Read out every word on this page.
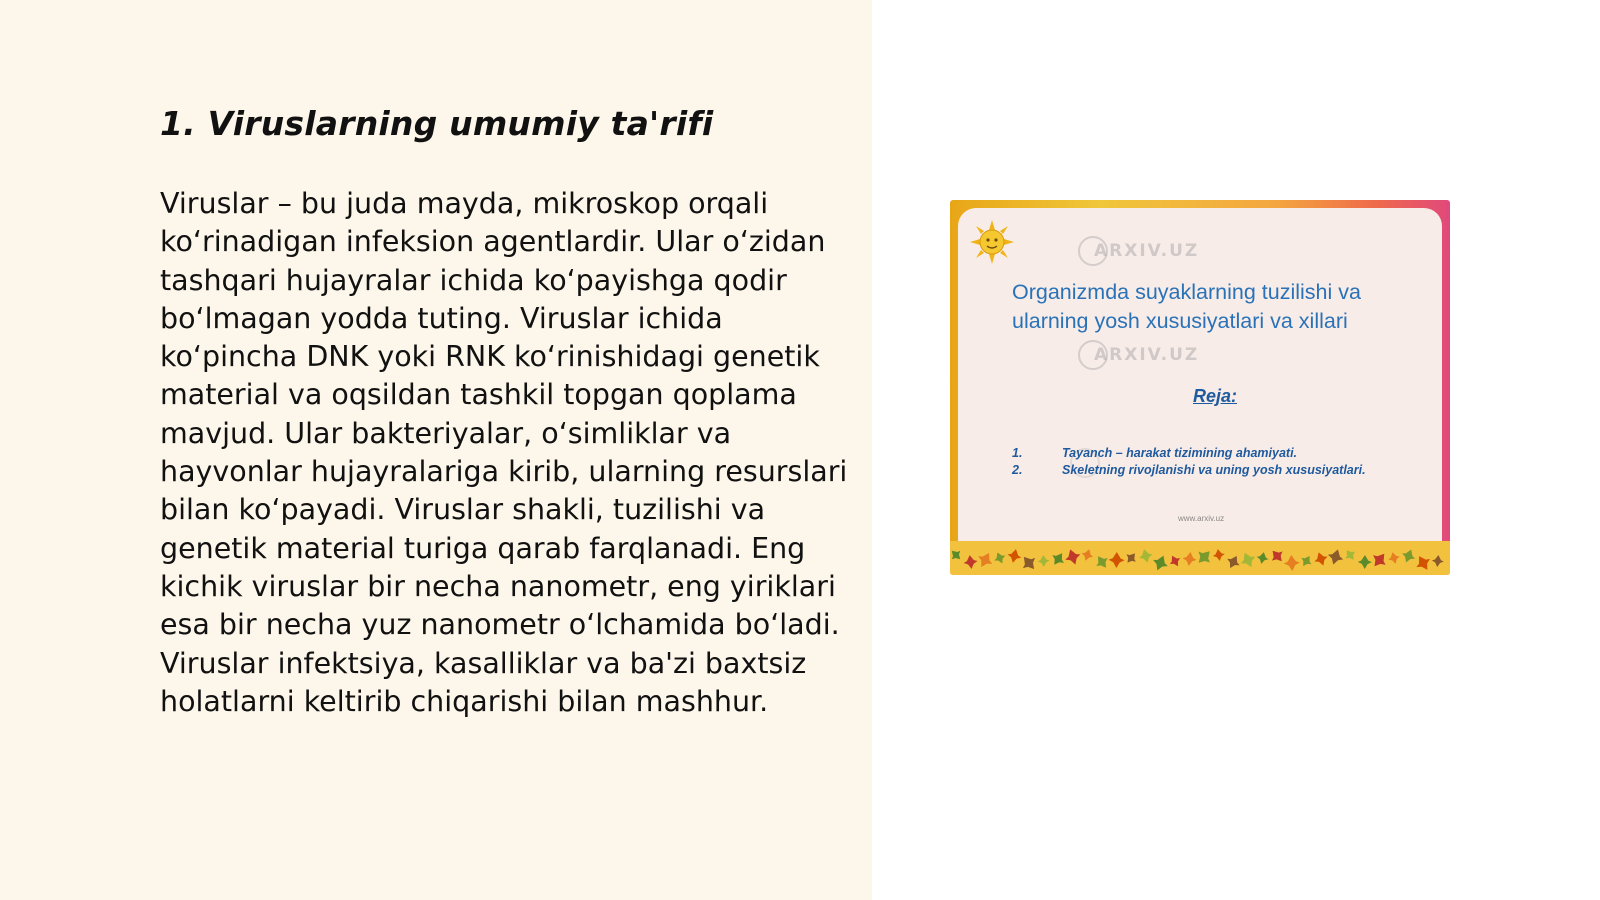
1. Viruslarning umumiy ta'rifi

Viruslar – bu juda mayda, mikroskop orqali ko‘rinadigan infeksion agentlardir. Ular o‘zidan tashqari hujayralar ichida ko‘payishga qodir bo‘lmagan yodda tuting. Viruslar ichida ko‘pincha DNK yoki RNK ko‘rinishidagi genetik material va oqsildan tashkil topgan qoplama mavjud. Ular bakteriyalar, o‘simliklar va hayvonlar hujayralariga kirib, ularning resurslari bilan ko‘payadi. Viruslar shakli, tuzilishi va genetik material turiga qarab farqlanadi. Eng kichik viruslar bir necha nanometr, eng yiriklari esa bir necha yuz nanometr o‘lchamida bo‘ladi. Viruslar infektsiya, kasalliklar va ba'zi baxtsiz holatlarni keltirib chiqarishi bilan mashhur.

ARXIV.UZ
ARXIV.UZ

Organizmda suyaklarning tuzilishi va ularning yosh xususiyatlari va xillari

Reja:
1.	Tayanch – harakat tizimining ahamiyati.
2.	Skeletning rivojlanishi va uning yosh xususiyatlari.
www.arxiv.uz
